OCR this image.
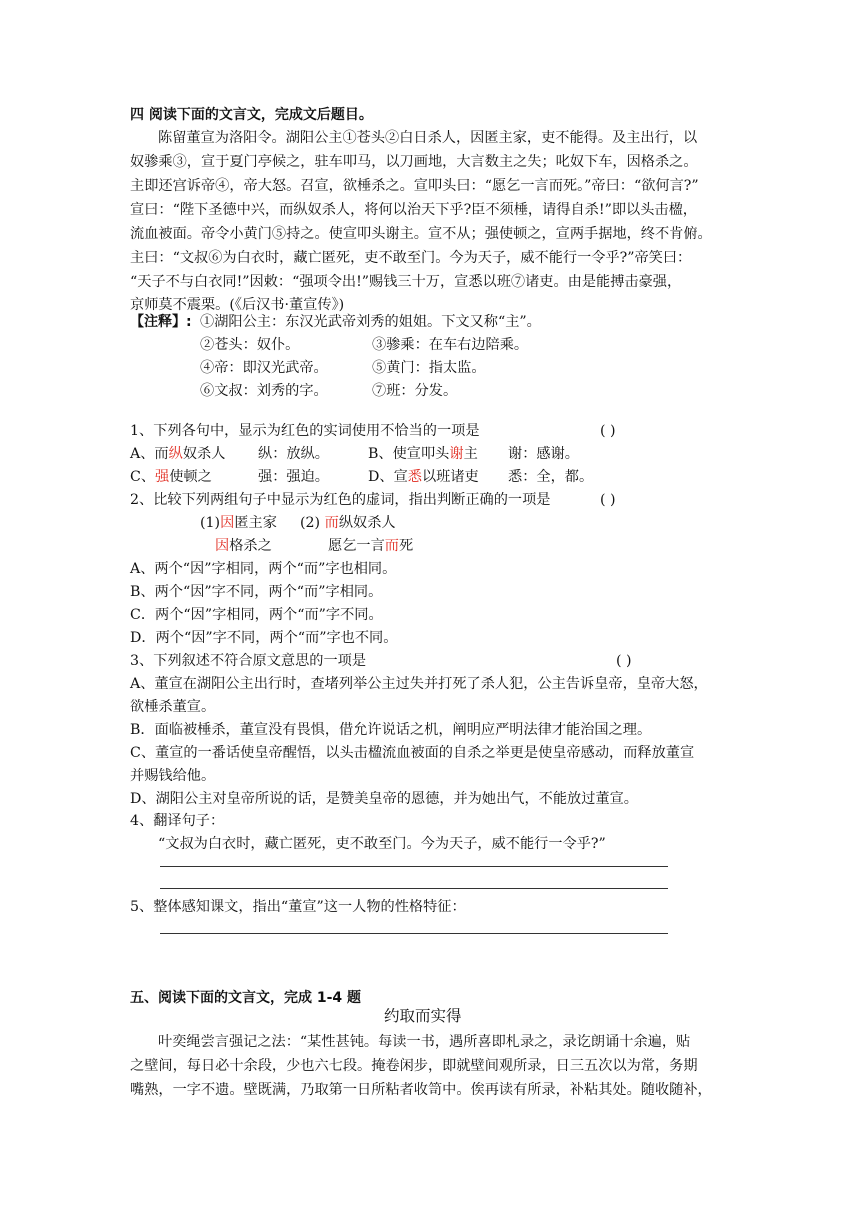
四 阅读下面的文言文，完成文后题目。
陈留董宣为洛阳令。湖阳公主①苍头②白日杀人，因匿主家，吏不能得。及主出行，以
奴骖乘③，宣于夏门亭候之，驻车叩马，以刀画地，大言数主之失；叱奴下车，因格杀之。
主即还宫诉帝④，帝大怒。召宣，欲棰杀之。宣叩头曰：“愿乞一言而死。”帝曰：“欲何言?”
宣曰：“陛下圣德中兴，而纵奴杀人，将何以治天下乎?臣不须棰，请得自杀!”即以头击楹，
流血被面。帝令小黄门⑤持之。使宣叩头谢主。宣不从；强使顿之，宣两手据地，终不肯俯。
主曰：“文叔⑥为白衣时，藏亡匿死，吏不敢至门。今为天子，威不能行一令乎?”帝笑曰：
“天子不与白衣同!”因敕：“强项令出!”赐钱三十万，宣悉以班⑦诸吏。由是能搏击豪强，
京师莫不震栗。(《后汉书·董宣传》)
【注释】: ①湖阳公主：东汉光武帝刘秀的姐姐。下文又称“主”。
②苍头：奴仆。	③骖乘：在车右边陪乘。
④帝：即汉光武帝。	⑤黄门：指太监。
⑥文叔：刘秀的字。	⑦班：分发。
1、下列各句中，显示为红色的实词使用不恰当的一项是	( )
A、而纵奴杀人 纵：放纵。	B、使宣叩头谢主 谢：感谢。
C、强使顿之	强：强迫。	D、宣悉以班诸吏 悉：全，都。
2、比较下列两组句子中显示为红色的虚词，指出判断正确的一项是	( )
(1)因匿主家 (2) 而纵奴杀人
因格杀之	愿乞一言而死
A、两个“因”字相同，两个“而”字也相同。
B、两个“因”字不同，两个“而”字相同。
C．两个“因”字相同，两个“而”字不同。
D．两个“因”字不同，两个“而”字也不同。
3、下列叙述不符合原文意思的一项是	( )
A、董宣在湖阳公主出行时，查堵列举公主过失并打死了杀人犯，公主告诉皇帝，皇帝大怒，
欲棰杀董宣。
B．面临被棰杀，董宣没有畏惧，借允许说话之机，阐明应严明法律才能治国之理。
C、董宣的一番话使皇帝醒悟，以头击楹流血被面的自杀之举更是使皇帝感动，而释放董宣
并赐钱给他。
D、湖阳公主对皇帝所说的话，是赞美皇帝的恩德，并为她出气，不能放过董宣。
4、翻译句子：
“文叔为白衣时，藏亡匿死，吏不敢至门。今为天子，威不能行一令乎?”
5、整体感知课文，指出“董宣”这一人物的性格特征：
五、阅读下面的文言文，完成 1-4 题
约取而实得
叶奕绳尝言强记之法：“某性甚钝。每读一书，遇所喜即札录之，录讫朗诵十余遍，贴
之壁间，每日必十余段，少也六七段。掩卷闲步，即就壁间观所录，日三五次以为常，务期
嘴熟，一字不遗。壁既满，乃取第一日所粘者收笥中。俟再读有所录，补粘其处。随收随补，
